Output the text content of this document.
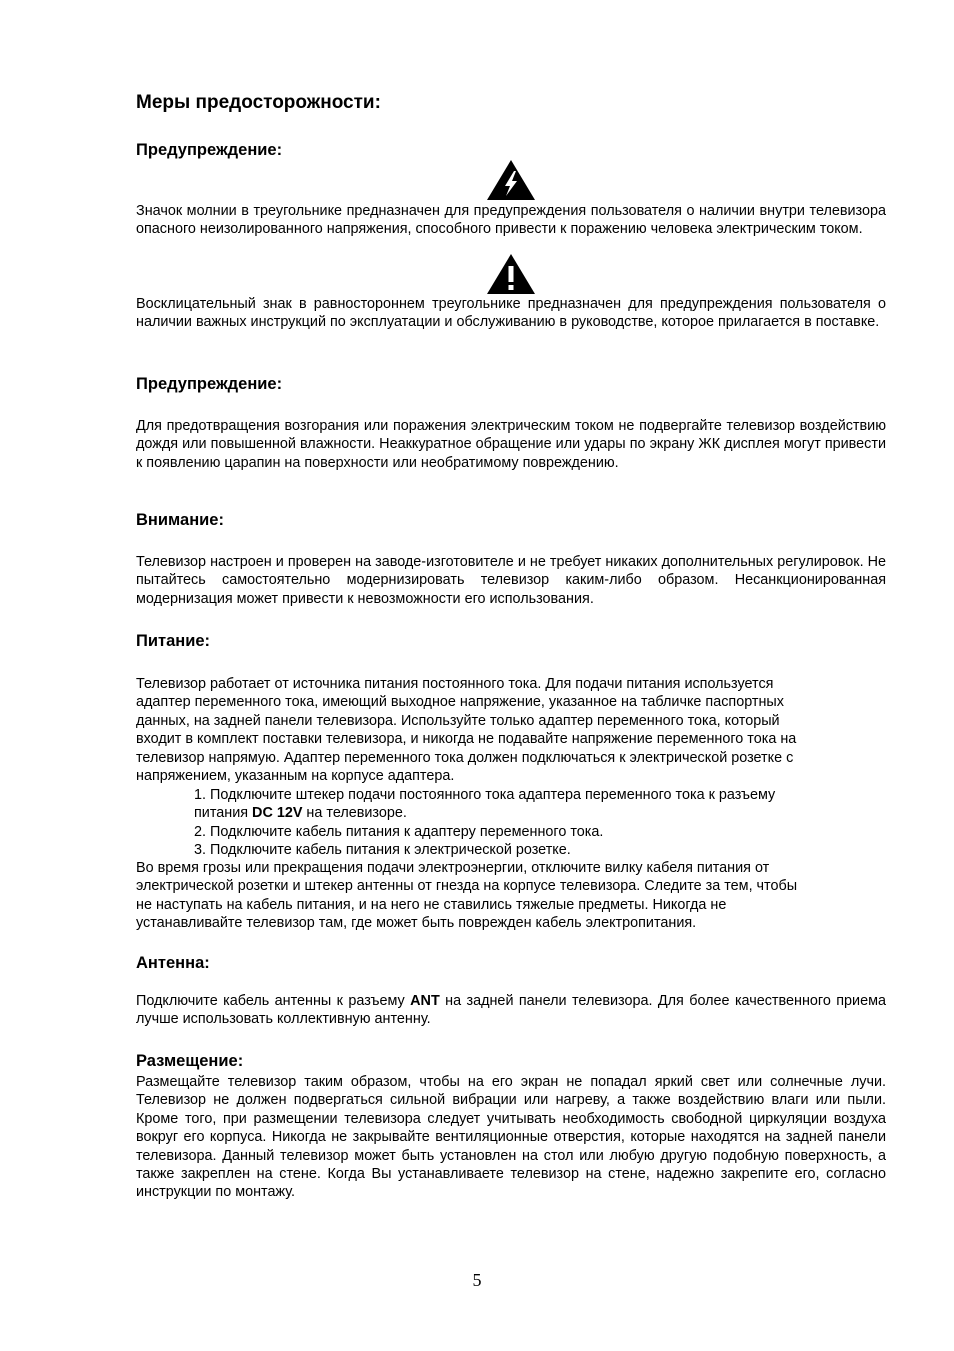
Меры предосторожности:
Предупреждение:

Значок молнии в треугольнике предназначен для предупреждения пользователя о наличии внутри телевизора опасного неизолированного напряжения, способного привести к поражению человека электрическим током.

Восклицательный знак в равностороннем треугольнике предназначен для предупреждения пользователя о наличии важных инструкций по эксплуатации и обслуживанию в руководстве, которое прилагается в поставке.

Предупреждение:

Для предотвращения возгорания или поражения электрическим током не подвергайте телевизор воздействию дождя или повышенной влажности. Неаккуратное обращение или удары по экрану ЖК дисплея могут привести к появлению царапин на поверхности или необратимому повреждению.

Внимание:

Телевизор настроен и проверен на заводе-изготовителе и не требует никаких дополнительных регулировок. Не пытайтесь самостоятельно модернизировать телевизор каким-либо образом. Несанкционированная модернизация может привести к невозможности его использования.

Питание:
Телевизор работает от источника питания постоянного тока. Для подачи питания используется
адаптер переменного тока, имеющий выходное напряжение, указанное на табличке паспортных
данных, на задней панели телевизора. Используйте только адаптер переменного тока, который
входит в комплект поставки телевизора, и никогда не подавайте напряжение переменного тока на
телевизор напрямую. Адаптер переменного тока должен подключаться к электрической розетке с
напряжением, указанным на корпусе адаптера.
1. Подключите штекер подачи постоянного тока адаптера переменного тока к разъему
питания DC 12V на телевизоре.
2. Подключите кабель питания к адаптеру переменного тока.
3. Подключите кабель питания к электрической розетке.
Во время грозы или прекращения подачи электроэнергии, отключите вилку кабеля питания от
электрической розетки и штекер антенны от гнезда на корпусе телевизора. Следите за тем, чтобы
не наступать на кабель питания, и на него не ставились тяжелые предметы. Никогда не
устанавливайте телевизор там, где может быть поврежден кабель электропитания.
Антенна:

Подключите кабель антенны к разъему ANT на задней панели телевизора. Для более качественного приема лучше использовать коллективную антенну.

Размещение:

Размещайте телевизор таким образом, чтобы на его экран не попадал яркий свет или солнечные лучи. Телевизор не должен подвергаться сильной вибрации или нагреву, а также воздействию влаги или пыли. Кроме того, при размещении телевизора следует учитывать необходимость свободной циркуляции воздуха вокруг его корпуса. Никогда не закрывайте вентиляционные отверстия, которые находятся на задней панели телевизора. Данный телевизор может быть установлен на стол или любую другую подобную поверхность, а также закреплен на стене. Когда Вы устанавливаете телевизор на стене, надежно закрепите его, согласно инструкции по монтажу.

5
